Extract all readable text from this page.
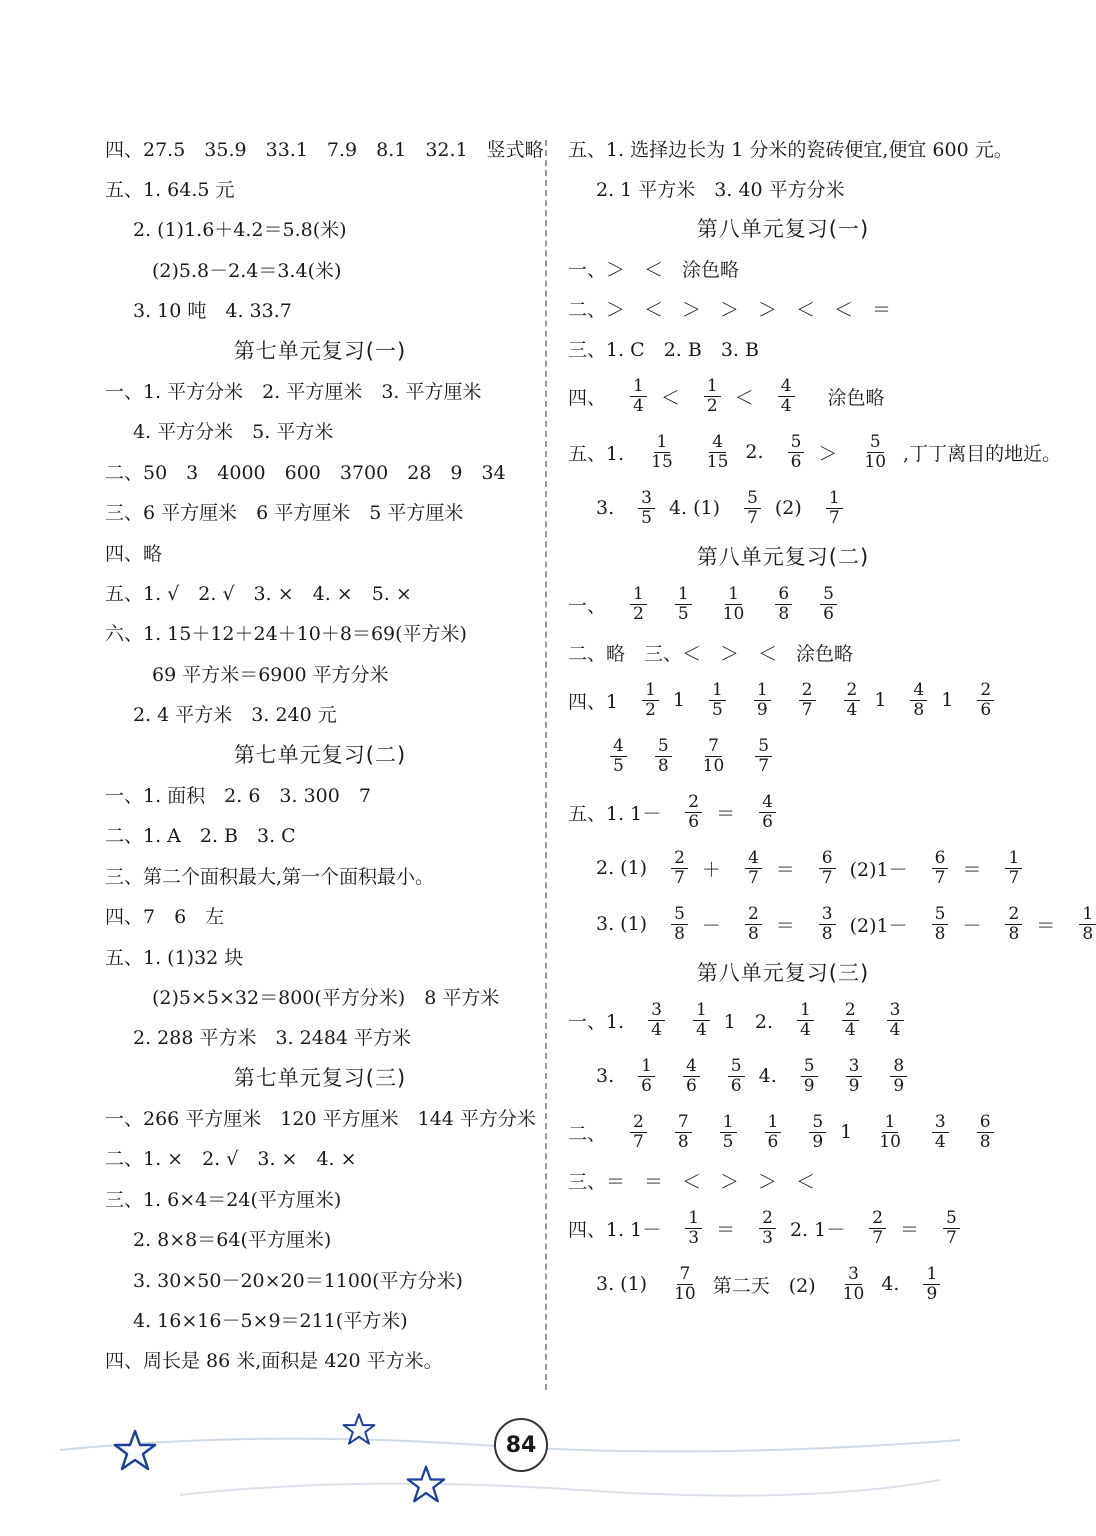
四、27.5　35.9　33.1　7.9　8.1　32.1　竖式略
五、1. 64.5 元
2. (1)1.6＋4.2＝5.8(米)
　(2)5.8－2.4＝3.4(米)
3. 10 吨　4. 33.7
第七单元复习(一)
一、1. 平方分米　2. 平方厘米　3. 平方厘米
4. 平方分米　5. 平方米
二、50　3　4000　600　3700　28　9　34
三、6 平方厘米　6 平方厘米　5 平方厘米
四、略
五、1. √　2. √　3. ×　4. ×　5. ×
六、1. 15＋12＋24＋10＋8＝69(平方米)
　69 平方米＝6900 平方分米
2. 4 平方米　3. 240 元
第七单元复习(二)
一、1. 面积　2. 6　3. 300　7
二、1. A　2. B　3. C
三、第二个面积最大,第一个面积最小。
四、7　6　左
五、1. (1)32 块
　(2)5×5×32＝800(平方分米)　8 平方米
2. 288 平方米　3. 2484 平方米
第七单元复习(三)
一、266 平方厘米　120 平方厘米　144 平方分米
二、1. ×　2. √　3. ×　4. ×
三、1. 6×4＝24(平方厘米)
2. 8×8＝64(平方厘米)
3. 30×50－20×20＝1100(平方分米)
4. 16×16－5×9＝211(平方米)
四、周长是 86 米,面积是 420 平方米。
五、1. 选择边长为 1 分米的瓷砖便宜,便宜 600 元。
2. 1 平方米　3. 40 平方分米
第八单元复习(一)
一、＞　＜　涂色略
二、＞　＜　＞　＞　＞　＜　＜　＝
三、1. C　2. B　3. B
四、 $\frac{1}{4} < \frac{1}{2} < \frac{4}{4}$ 　涂色略
五、1. $\frac{1}{15} \frac{4}{15} 2$. $\frac{5}{6} > \frac{5}{10}$ ,丁丁离目的地近。
3. $\frac{3}{5} 4$. $(1) \frac{5}{7} (2) \frac{1}{7}$
第八单元复习(二)
一、 $\frac{1}{2} \frac{1}{5} \frac{1}{10} \frac{6}{8} \frac{5}{6}$
二、略　三、＜　＞　＜　涂色略
四、$1 \frac{1}{2} 1 \frac{1}{5} \frac{1}{9} \frac{2}{7} \frac{2}{4} 1 \frac{4}{8} 1 \frac{2}{6}$
$\frac{4}{5} \frac{5}{8} \frac{7}{10} \frac{5}{7}$
五、1. $1- \frac{2}{6} = \frac{4}{6}$
2. $(1) \frac{2}{7} + \frac{4}{7} = \frac{6}{7} (2)1- \frac{6}{7} = \frac{1}{7}$
3. $(1) \frac{5}{8} - \frac{2}{8} = \frac{3}{8} (2)1- \frac{5}{8} - \frac{2}{8} = \frac{1}{8}$
第八单元复习(三)
一、1. $\frac{3}{4} \frac{1}{4} 1$　2. $\frac{1}{4} \frac{2}{4} \frac{3}{4}$
3. $\frac{1}{6} \frac{4}{6} \frac{5}{6} 4$. $\frac{5}{9} \frac{3}{9} \frac{8}{9}$
二、 $\frac{2}{7} \frac{7}{8} \frac{1}{5} \frac{1}{6} \frac{5}{9} 1 \frac{1}{10} \frac{3}{4} \frac{6}{8}$
三、＝　＝　＜　＞　＞　＜
四、1. $1- \frac{1}{3} = \frac{2}{3} 2$. $1- \frac{2}{7} = \frac{5}{7}$
3. $(1) \frac{7}{10}$ 第二天　$(2) \frac{3}{10} 4$. $\frac{1}{9}$
84
